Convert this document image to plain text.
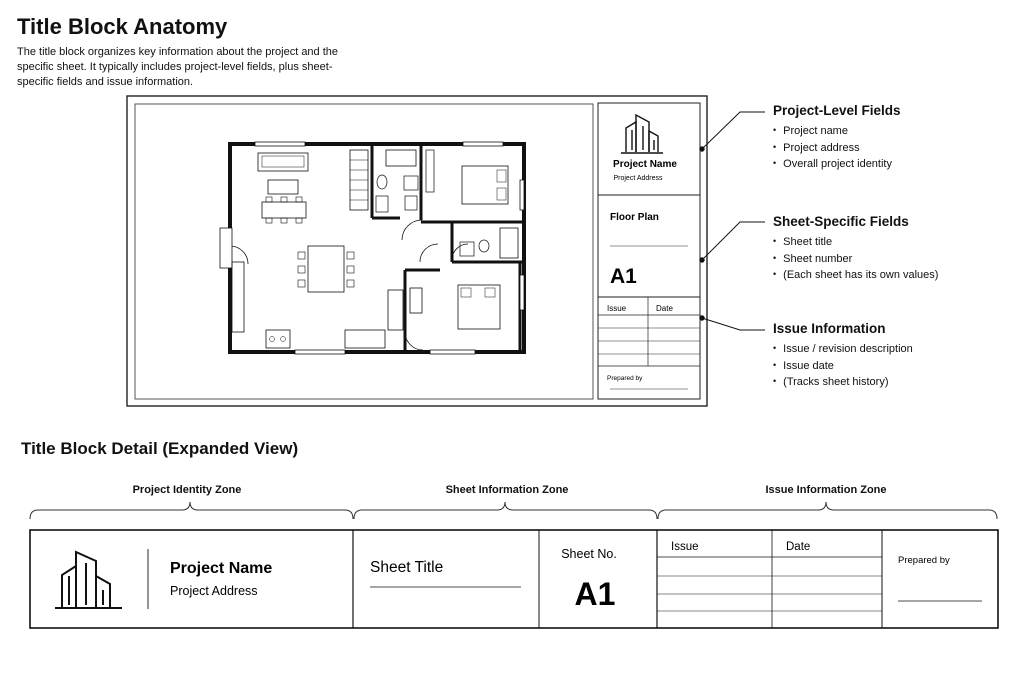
Title Block Anatomy
The title block organizes key information about the project and the specific sheet. It typically includes project-level fields, plus sheet-specific fields and issue information.
Project Name
Project Address
Floor Plan
A1
Issue	Date
Prepared by
Project Name
Project Address
Sheet Title
Sheet No.
A1
Issue	Date
Prepared by
Project-Level Fields
• Project name
• Project address
• Overall project identity
Sheet-Specific Fields
• Sheet title
• Sheet number
• (Each sheet has its own values)
Issue Information
• Issue / revision description
• Issue date
• (Tracks sheet history)
Title Block Detail (Expanded View)
Project Identity Zone	Sheet Information Zone	Issue Information Zone
